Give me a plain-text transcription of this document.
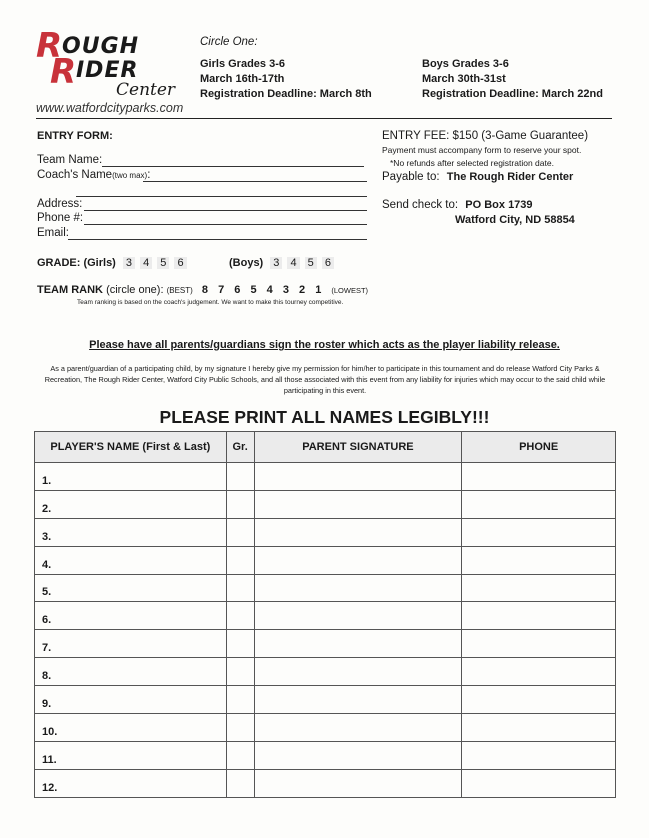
R OUGH
R IDER
Center
www.watfordcityparks.com
Circle One:
Girls Grades 3-6
March 16th-17th
Registration Deadline: March 8th
Boys Grades 3-6
March 30th-31st
Registration Deadline: March 22nd
ENTRY FORM:
Team Name:
Coach's Name(two max):
Address:
Phone #:
Email:
ENTRY FEE: $150 (3-Game Guarantee)
Payment must accompany form to reserve your spot.
*No refunds after selected registration date.
Payable to: The Rough Rider Center
Send check to: PO Box 1739
Watford City, ND 58854
GRADE: (Girls) 3 4 5 6	(Boys) 3 4 5 6
TEAM RANK (circle one): (BEST) 8 7 6 5 4 3 2 1 (LOWEST)
Team ranking is based on the coach's judgement. We want to make this tourney competitive.
Please have all parents/guardians sign the roster which acts as the player liability release.
As a parent/guardian of a participating child, by my signature I hereby give my permission for him/her to participate in this tournament and do release Watford City Parks & Recreation, The Rough Rider Center, Watford City Public Schools, and all those associated with this event from any liability for injuries which may occur to the said child while participating in this event.
PLEASE PRINT ALL NAMES LEGIBLY!!!
PLAYER'S NAME (First & Last)	Gr.	PARENT SIGNATURE	PHONE
1.			
2.			
3.			
4.			
5.			
6.			
7.			
8.			
9.			
10.			
11.			
12.			
